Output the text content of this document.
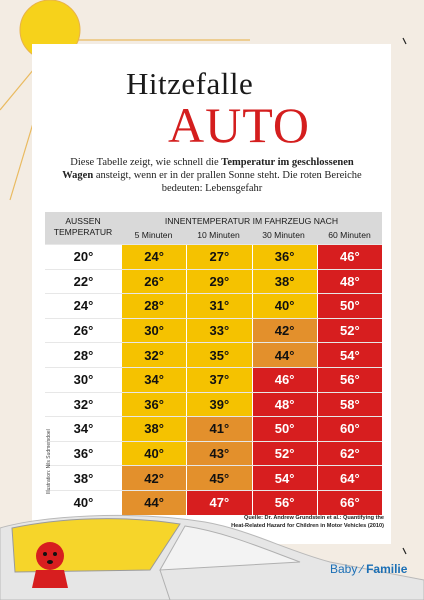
Hitzefalle
AUTO
Diese Tabelle zeigt, wie schnell die Temperatur im geschlossenen Wagen ansteigt, wenn er in der prallen Sonne steht. Die roten Bereiche bedeuten: Lebensgefahr
AUSSEN
TEMPERATUR
INNENTEMPERATUR IM FAHRZEUG NACH
5 Minuten	10 Minuten	30 Minuten	60 Minuten
20°	24°	27°	36°	46°
22°	26°	29°	38°	48°
24°	28°	31°	40°	50°
26°	30°	33°	42°	52°
28°	32°	35°	44°	54°
30°	34°	37°	46°	56°
32°	36°	39°	48°	58°
34°	38°	41°	50°	60°
36°	40°	43°	52°	62°
38°	42°	45°	54°	64°
40°	44°	47°	56°	66°
Quelle: Dr. Andrew Grundstein et al.: Quantifying the
Heat-Related Hazard for Children in Motor Vehicles (2010)
Illustration: Nils Sudmersdoel
Baby ∕ Familie
